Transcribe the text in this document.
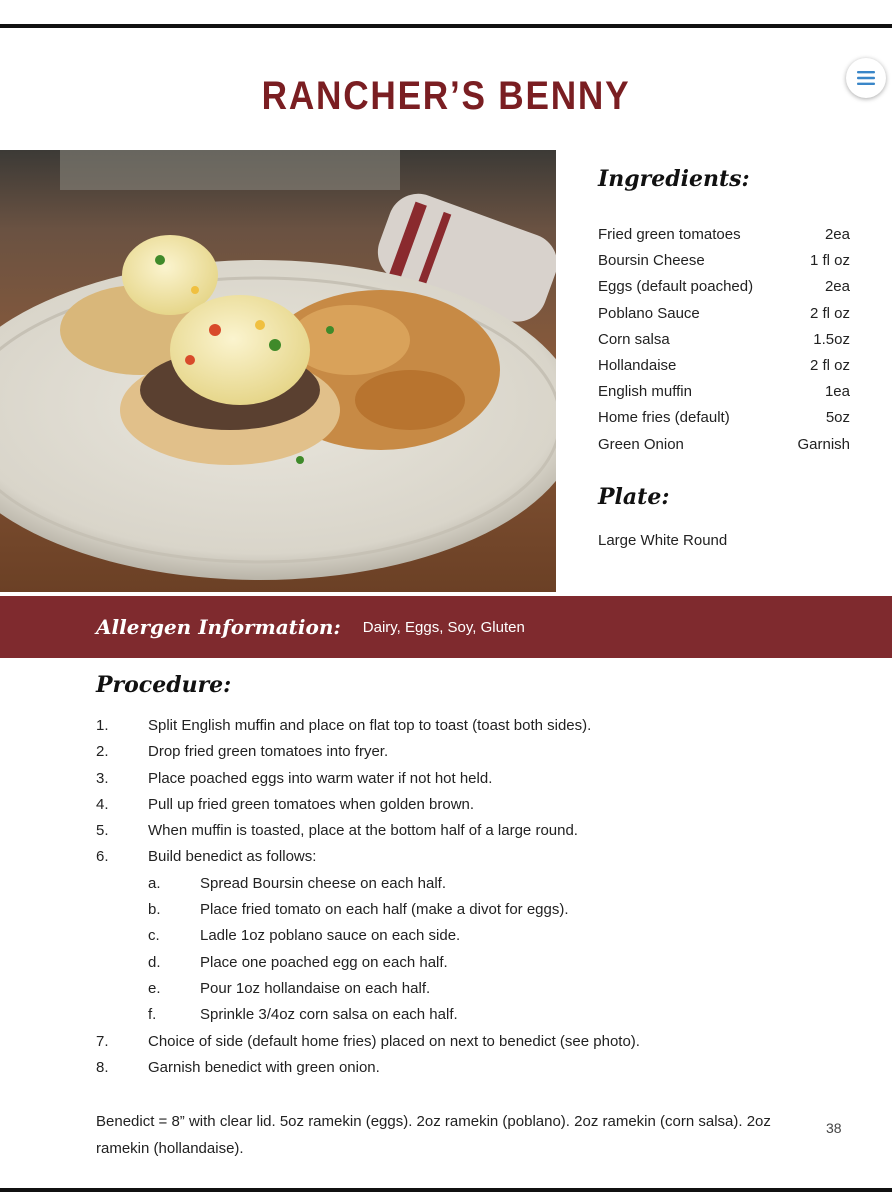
RANCHER’S BENNY
Ingredients:
Fried green tomatoes	2ea
Boursin Cheese	1 fl oz
Eggs (default poached)	2ea
Poblano Sauce	2 fl oz
Corn salsa	1.5oz
Hollandaise	2 fl oz
English muffin	1ea
Home fries (default)	5oz
Green Onion	Garnish
Plate:
Large White Round
Allergen Information: Dairy, Eggs, Soy, Gluten
Procedure:
1.	Split English muffin and place on flat top to toast (toast both sides).
2.	Drop fried green tomatoes into fryer.
3.	Place poached eggs into warm water if not hot held.
4.	Pull up fried green tomatoes when golden brown.
5.	When muffin is toasted, place at the bottom half of a large round.
6.	Build benedict as follows:
a.	Spread Boursin cheese on each half.
b.	Place fried tomato on each half (make a divot for eggs).
c.	Ladle 1oz poblano sauce on each side.
d.	Place one poached egg on each half.
e.	Pour 1oz hollandaise on each half.
f.	Sprinkle 3/4oz corn salsa on each half.
7.	Choice of side (default home fries) placed on next to benedict (see photo).
8.	Garnish benedict with green onion.
Benedict = 8” with clear lid. 5oz ramekin (eggs). 2oz ramekin (poblano). 2oz ramekin (corn salsa). 2oz ramekin (hollandaise).
38
